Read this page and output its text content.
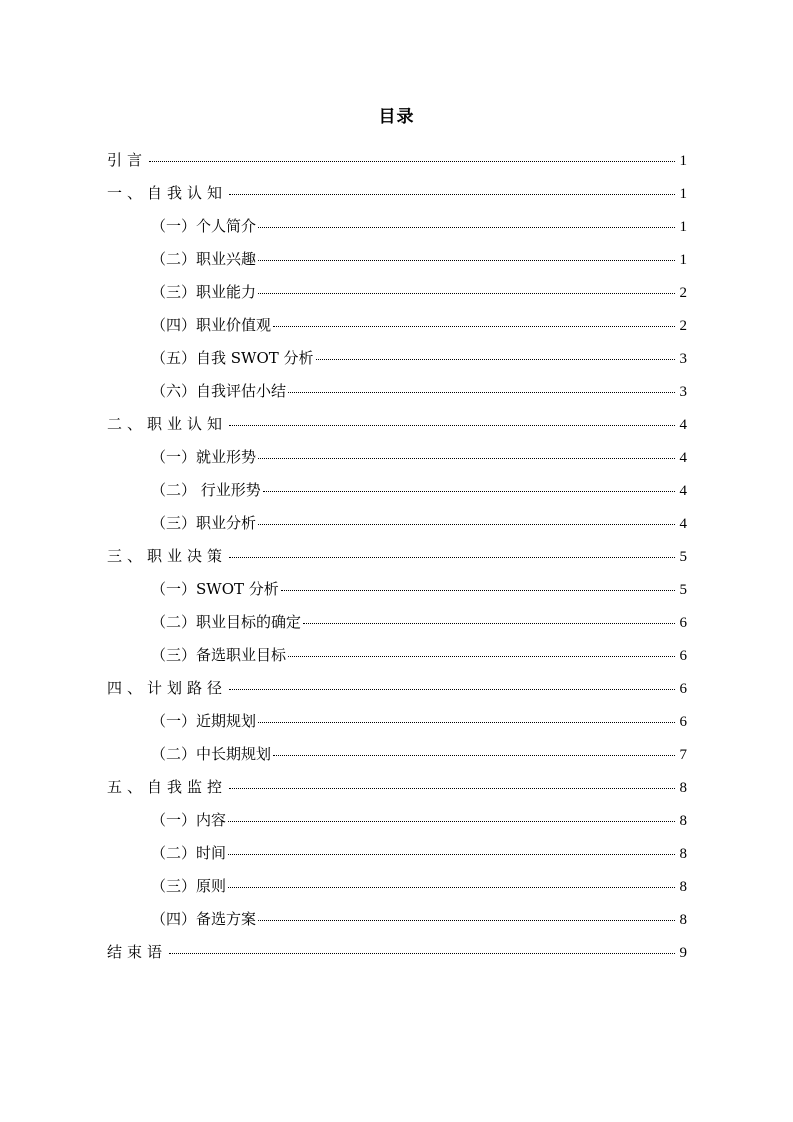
目录
引言	1
一、自我认知	1
（一）个人简介	1
（二）职业兴趣	1
（三）职业能力	2
（四）职业价值观	2
（五）自我 SWOT 分析	3
（六）自我评估小结	3
二、职业认知	4
（一）就业形势	4
（二） 行业形势	4
（三）职业分析	4
三、职业决策	5
（一）SWOT 分析	5
（二）职业目标的确定	6
（三）备选职业目标	6
四、计划路径	6
（一）近期规划	6
（二）中长期规划	7
五、自我监控	8
（一）内容	8
（二）时间	8
（三）原则	8
（四）备选方案	8
结束语	9
